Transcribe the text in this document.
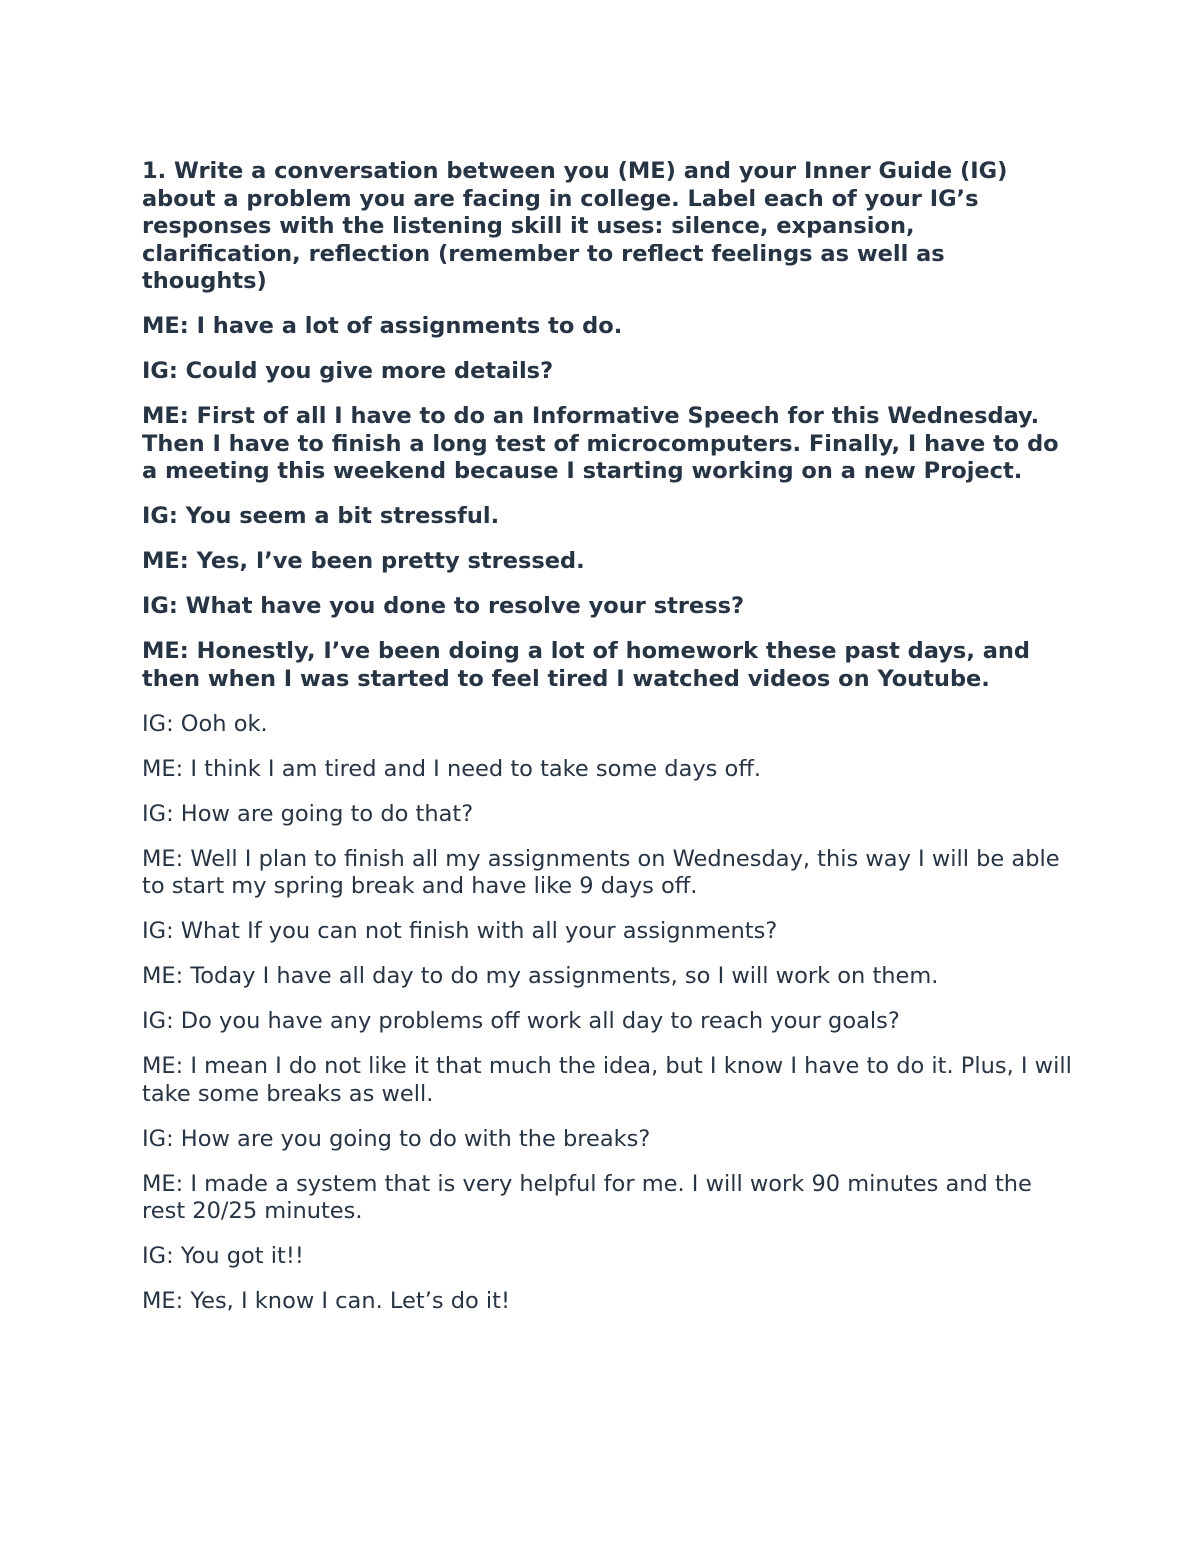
1. Write a conversation between you (ME) and your Inner Guide (IG) about a problem you are facing in college. Label each of your IG’s responses with the listening skill it uses: silence, expansion, clarification, reflection (remember to reflect feelings as well as thoughts)

ME: I have a lot of assignments to do.

IG: Could you give more details?

ME: First of all I have to do an Informative Speech for this Wednesday. Then I have to finish a long test of microcomputers. Finally, I have to do a meeting this weekend because I starting working on a new Project.

IG: You seem a bit stressful.

ME: Yes, I’ve been pretty stressed.

IG: What have you done to resolve your stress?

ME: Honestly, I’ve been doing a lot of homework these past days, and then when I was started to feel tired I watched videos on Youtube.

IG: Ooh ok.

ME: I think I am tired and I need to take some days off.

IG: How are going to do that?

ME: Well I plan to finish all my assignments on Wednesday, this way I will be able to start my spring break and have like 9 days off.

IG: What If you can not finish with all your assignments?

ME: Today I have all day to do my assignments, so I will work on them.

IG: Do you have any problems off work all day to reach your goals?

ME: I mean I do not like it that much the idea, but I know I have to do it. Plus, I will take some breaks as well.

IG: How are you going to do with the breaks?

ME: I made a system that is very helpful for me. I will work 90 minutes and the rest 20/25 minutes.

IG: You got it!!

ME: Yes, I know I can. Let’s do it!
